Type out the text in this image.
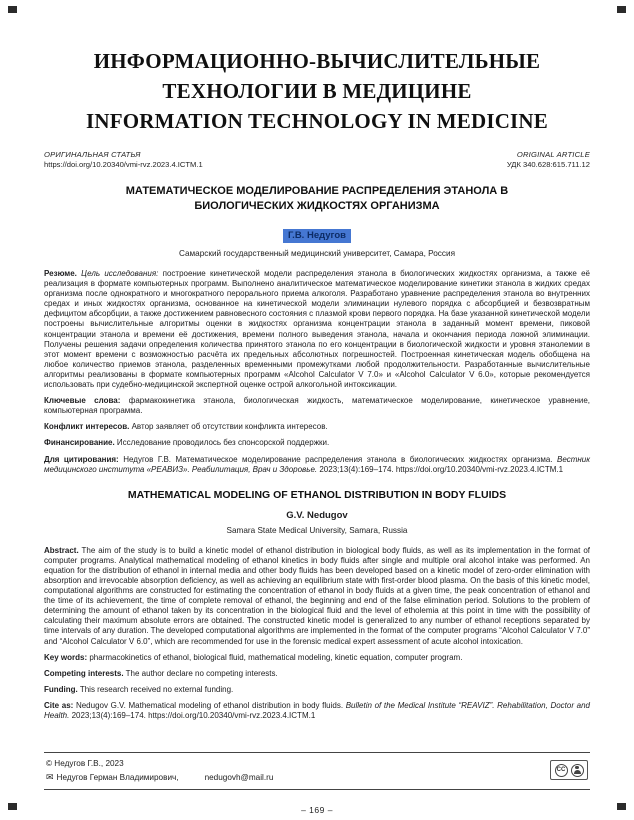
ИНФОРМАЦИОННО-ВЫЧИСЛИТЕЛЬНЫЕ
ТЕХНОЛОГИИ В МЕДИЦИНЕ
INFORMATION TECHNOLOGY IN MEDICINE
ОРИГИНАЛЬНАЯ СТАТЬЯ
https://doi.org/10.20340/vmi-rvz.2023.4.ICTM.1
ORIGINAL ARTICLE
УДК 340.628:615.711.12
МАТЕМАТИЧЕСКОЕ МОДЕЛИРОВАНИЕ РАСПРЕДЕЛЕНИЯ ЭТАНОЛА В БИОЛОГИЧЕСКИХ ЖИДКОСТЯХ ОРГАНИЗМА
Г.В. Недугов
Самарский государственный медицинский университет, Самара, Россия

Резюме. Цель исследования: построение кинетической модели распределения этанола в биологических жидкостях организма, а также её реализация в формате компьютерных программ. Выполнено аналитическое математическое моделирование кинетики этанола в жидких средах организма после однократного и многократного перорального приема алкоголя. Разработано уравнение распределения этанола во внутренних средах и иных жидкостях организма, основанное на кинетической модели элиминации нулевого порядка с абсорбцией и безвозвратным дефицитом абсорбции, а также достижением равновесного состояния с плазмой крови первого порядка. На базе указанной кинетической модели построены вычислительные алгоритмы оценки в жидкостях организма концентрации этанола в заданный момент времени, пиковой концентрации этанола и времени её достижения, времени полного выведения этанола, начала и окончания периода ложной элиминации. Получены решения задачи определения количества принятого этанола по его концентрации в биологической жидкости и уровня этанолемии в этот момент времени с возможностью расчёта их предельных абсолютных погрешностей. Построенная кинетическая модель обобщена на любое количество приемов этанола, разделенных временными промежутками любой продолжительности. Разработанные вычислительные алгоритмы реализованы в формате компьютерных программ «Alcohol Calculator V 7.0» и «Alcohol Calculator V 6.0», которые рекомендуется использовать при судебно-медицинской экспертной оценке острой алкогольной интоксикации.

Ключевые слова: фармакокинетика этанола, биологическая жидкость, математическое моделирование, кинетическое уравнение, компьютерная программа.

Конфликт интересов. Автор заявляет об отсутствии конфликта интересов.

Финансирование. Исследование проводилось без спонсорской поддержки.

Для цитирования: Недугов Г.В. Математическое моделирование распределения этанола в биологических жидкостях организма. Вестник медицинского института «РЕАВИЗ». Реабилитация, Врач и Здоровье. 2023;13(4):169–174. https://doi.org/10.20340/vmi-rvz.2023.4.ICTM.1

MATHEMATICAL MODELING OF ETHANOL DISTRIBUTION IN BODY FLUIDS
G.V. Nedugov
Samara State Medical University, Samara, Russia

Abstract. The aim of the study is to build a kinetic model of ethanol distribution in biological body fluids, as well as its implementation in the format of computer programs. Analytical mathematical modeling of ethanol kinetics in body fluids after single and multiple oral alcohol intake was performed. An equation for the distribution of ethanol in internal media and other body fluids has been developed based on a kinetic model of zero-order elimination with absorption and irrevocable absorption deficiency, as well as achieving an equilibrium state with first-order blood plasma. On the basis of this kinetic model, computational algorithms are constructed for estimating the concentration of ethanol in body fluids at a given time, the peak concentration of ethanol and the time of its achievement, the time of complete removal of ethanol, the beginning and end of the false elimination period. Solutions to the problem of determining the amount of ethanol taken by its concentration in the biological fluid and the level of etholemia at this point in time with the possibility of calculating their maximum absolute errors are obtained. The constructed kinetic model is generalized to any number of ethanol receptions separated by time intervals of any duration. The developed computational algorithms are implemented in the format of the computer programs “Alcohol Calculator V 7.0” and “Alcohol Calculator V 6.0”, which are recommended for use in the forensic medical expert assessment of acute alcohol intoxication.

Key words: pharmacokinetics of ethanol, biological fluid, mathematical modeling, kinetic equation, computer program.

Competing interests. The author declare no competing interests.

Funding. This research received no external funding.

Cite as: Nedugov G.V. Mathematical modeling of ethanol distribution in body fluids. Bulletin of the Medical Institute “REAVIZ”. Rehabilitation, Doctor and Health. 2023;13(4):169–174. https://doi.org/10.20340/vmi-rvz.2023.4.ICTM.1

© Недугов Г.В., 2023
✉ Недугов Герман Владимирович,	nedugovh@mail.ru
CC
– 169 –
